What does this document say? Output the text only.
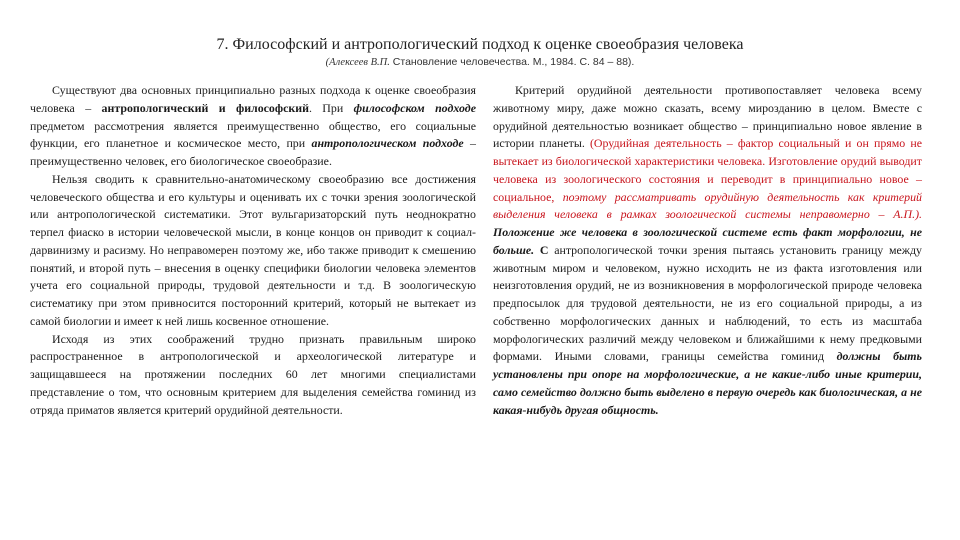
7. Философский и антропологический подход к оценке своеобразия человека
(Алексеев В.П. Становление человечества. М., 1984. С. 84 – 88).

Существуют два основных принципиально разных подхода к оценке своеобразия человека – антропологический и философский. При философском подходе предметом рассмотрения является преимущественно общество, его социальные функции, его планетное и космическое место, при антропологическом подходе – преимущественно человек, его биологическое своеобразие.

Нельзя сводить к сравнительно-анатомическому своеобразию все достижения человеческого общества и его культуры и оценивать их с точки зрения зоологической или антропологической систематики. Этот вульгаризаторский путь неоднократно терпел фиаско в истории человеческой мысли, в конце концов он приводит к социал-дарвинизму и расизму. Но неправомерен поэтому же, ибо также приводит к смешению понятий, и второй путь – внесения в оценку специфики биологии человека элементов учета его социальной природы, трудовой деятельности и т.д. В зоологическую систематику при этом привносится посторонний критерий, который не вытекает из самой биологии и имеет к ней лишь косвенное отношение.

Исходя из этих соображений трудно признать правильным широко распространенное в антропологической и археологической литературе и защищавшееся на протяжении последних 60 лет многими специалистами представление о том, что основным критерием для выделения семейства гоминид из отряда приматов является критерий орудийной деятельности.

Критерий орудийной деятельности противопоставляет человека всему животному миру, даже можно сказать, всему мирозданию в целом. Вместе с орудийной деятельностью возникает общество – принципиально новое явление в истории планеты. (Орудийная деятельность – фактор социальный и он прямо не вытекает из биологической характеристики человека. Изготовление орудий выводит человека из зоологического состояния и переводит в принципиально новое – социальное, поэтому рассматривать орудийную деятельность как критерий выделения человека в рамках зоологической системы неправомерно – А.П.). Положение же человека в зоологической системе есть факт морфологии, не больше. С антропологической точки зрения пытаясь установить границу между животным миром и человеком, нужно исходить не из факта изготовления или неизготовления орудий, не из возникновения в морфологической природе человека предпосылок для трудовой деятельности, не из его социальной природы, а из собственно морфологических данных и наблюдений, то есть из масштаба морфологических различий между человеком и ближайшими к нему предковыми формами. Иными словами, границы семейства гоминид должны быть установлены при опоре на морфологические, а не какие-либо иные критерии, само семейство должно быть выделено в первую очередь как биологическая, а не какая-нибудь другая общность.
